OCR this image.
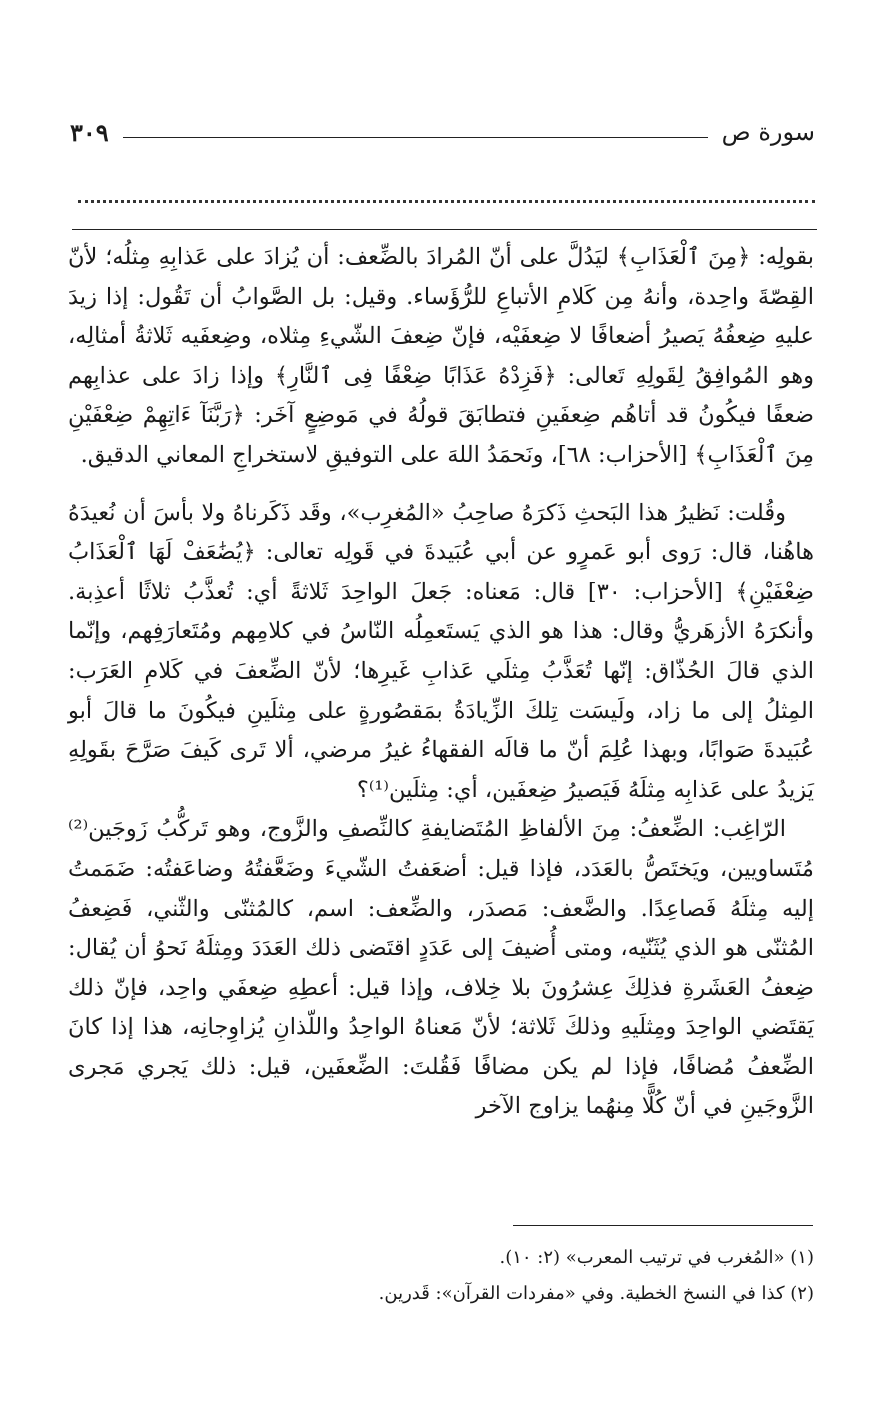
٣٠٩	سورة ص

بقولِه: ﴿مِنَ ٱلْعَذَابِ﴾ ليَدُلَّ على أنّ المُرادَ بالضِّعف: أن يُزادَ على عَذابِهِ مِثلُه؛ لأنّ القِصّةَ واحِدة، وأنهُ مِن كَلامِ الأتباعِ للرُّؤَساء. وقيل: بل الصَّوابُ أن تَقُول: إذا زيدَ عليهِ ضِعفُهُ يَصيرُ أضعافًا لا ضِعفَيْه، فإنّ ضِعفَ الشّيءِ مِثلاه، وضِعفَيه ثَلاثةُ أمثالِه، وهو المُوافِقُ لِقَولِهِ تَعالى: ﴿فَزِدْهُ عَذَابًا ضِعْفًا فِى ٱلنَّارِ﴾ وإذا زادَ على عذابِهم ضعفًا فيكُونُ قد أتاهُم ضِعفَينِ فتطابَقَ قولُهُ في مَوضِعٍ آخَر: ﴿رَبَّنَآ ءَاتِهِمْ ضِعْفَيْنِ مِنَ ٱلْعَذَابِ﴾ [الأحزاب: ٦٨]، ونَحمَدُ اللهَ على التوفيقِ لاستخراجِ المعاني الدقيق.

وقُلت: نَظيرُ هذا البَحثِ ذَكرَهُ صاحِبُ «المُغرِب»، وقَد ذَكَرناهُ ولا بأسَ أن نُعيدَهُ هاهُنا، قال: رَوى أبو عَمرٍو عن أبي عُبَيدةَ في قَولِه تعالى: ﴿يُضَٰعَفْ لَهَا ٱلْعَذَابُ ضِعْفَيْنِ﴾ [الأحزاب: ٣٠] قال: مَعناه: جَعلَ الواحِدَ ثَلاثةً أي: تُعذَّبُ ثلاثًا أعذِبة. وأنكرَهُ الأزهَريُّ وقال: هذا هو الذي يَستَعمِلُه النّاسُ في كلامِهم ومُتَعارَفِهم، وإنّما الذي قالَ الحُذّاق: إنّها تُعَذَّبُ مِثلَي عَذابِ غَيرِها؛ لأنّ الضِّعفَ في كَلامِ العَرَب: المِثلُ إلى ما زاد، ولَيسَت تِلكَ الزِّيادَةُ بمَقصُورةٍ على مِثلَينِ فيكُونَ ما قالَ أبو عُبَيدةَ صَوابًا، وبهذا عُلِمَ أنّ ما قالَه الفقهاءُ غيرُ مرضي، ألا تَرى كَيفَ صَرَّحَ بقَولِهِ يَزيدُ على عَذابِه مِثلَهُ فَيَصيرُ ضِعفَين، أي: مِثلَين⁽¹⁾؟

الرّاغِب: الضِّعفُ: مِنَ الألفاظِ المُتَضايفةِ كالنِّصفِ والزَّوج، وهو تَركُّبُ زَوجَين⁽²⁾ مُتَساويين، ويَختَصُّ بالعَدَد، فإذا قيل: أضعَفتُ الشّيءَ وضَعَّفتُهُ وضاعَفتُه: ضَمَمتُ إليه مِثلَهُ فَصاعِدًا. والضَّعف: مَصدَر، والضِّعف: اسم، كالمُثنّى والثّني، فَضِعفُ المُثنّى هو الذي يُثَنّيه، ومتى أُضيفَ إلى عَدَدٍ اقتَضى ذلك العَدَدَ ومِثلَهُ نَحوُ أن يُقال: ضِعفُ العَشَرةِ فذلِكَ عِشرُونَ بلا خِلاف، وإذا قيل: أعطِهِ ضِعفَي واحِد، فإنّ ذلك يَقتَضي الواحِدَ ومِثلَيهِ وذلكَ ثَلاثة؛ لأنّ مَعناهُ الواحِدُ واللّذانِ يُزاوِجانِه، هذا إذا كانَ الضِّعفُ مُضافًا، فإذا لم يكن مضافًا فَقُلتَ: الضِّعفَين، قيل: ذلك يَجري مَجرى الزَّوجَينِ في أنّ كُلًّا مِنهُما يزاوج الآخر

(١) «المُغرب في ترتيب المعرب» (٢: ١٠).

(٢) كذا في النسخ الخطية. وفي «مفردات القرآن»: قَدرين.
